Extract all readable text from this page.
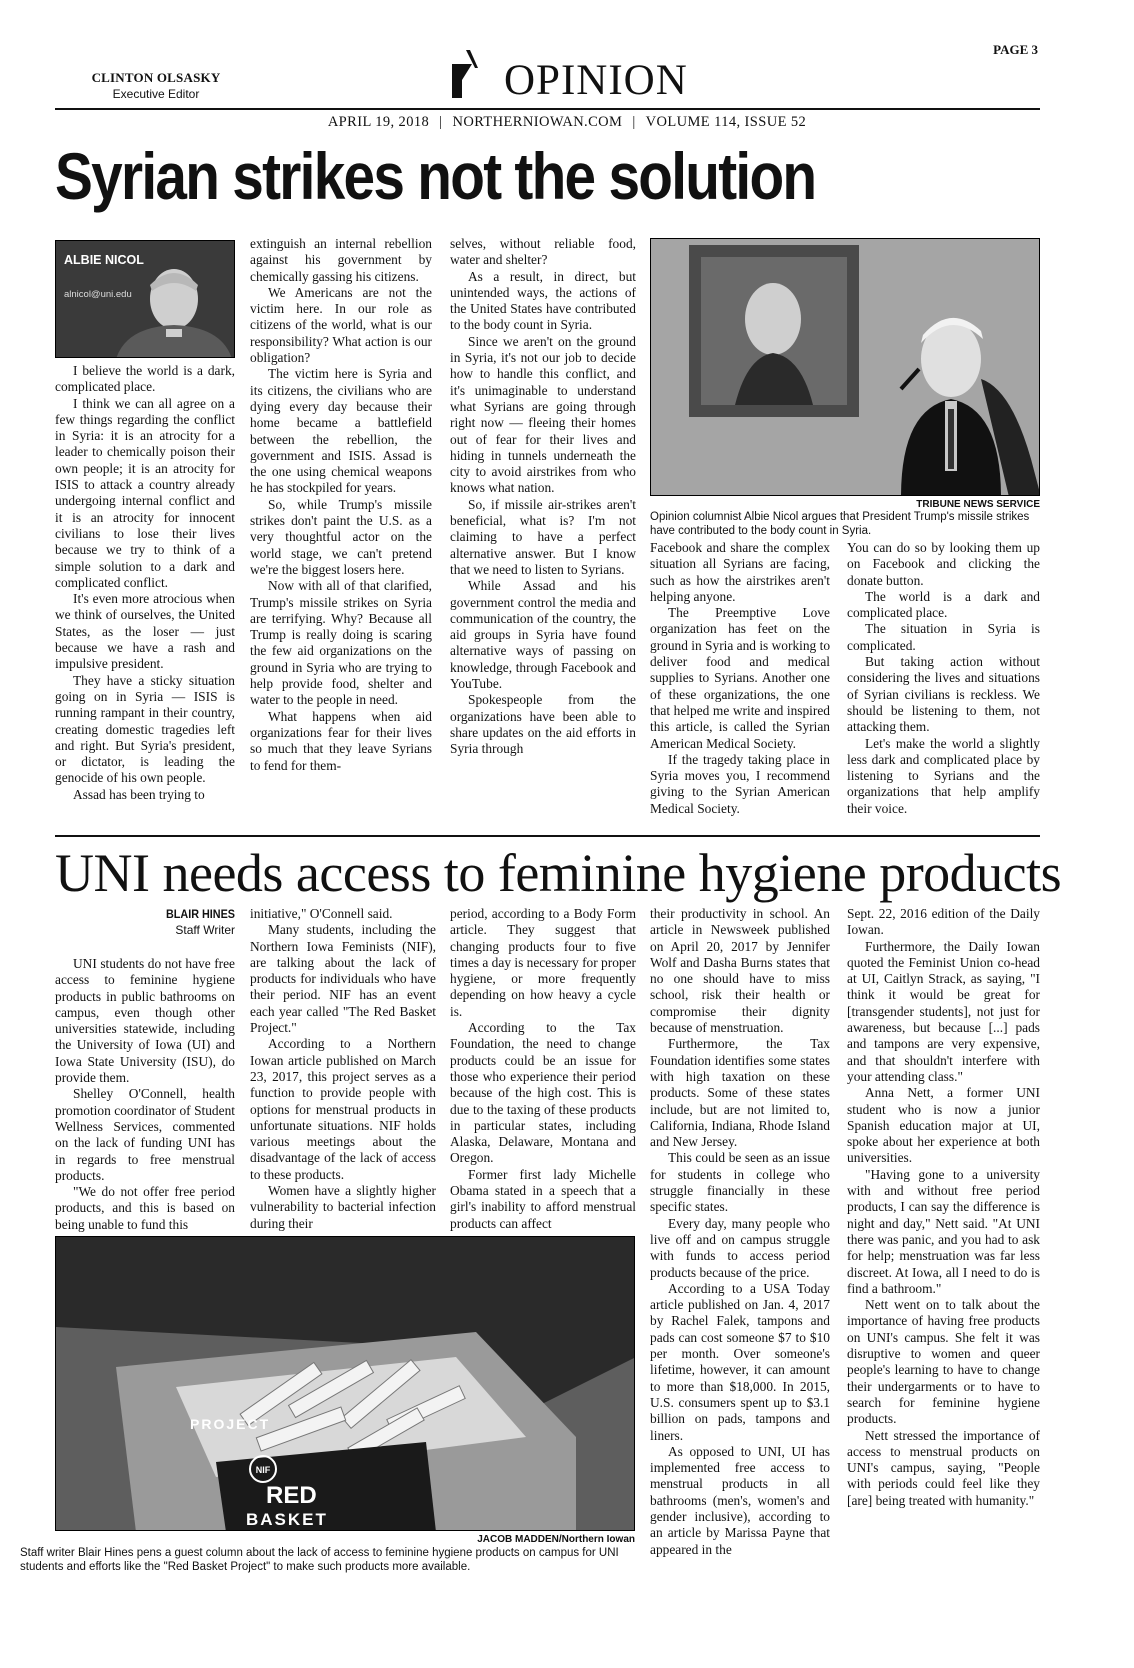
CLINTON OLSASKY
Executive Editor	OPINION
PAGE 3
APRIL 19, 2018 | NORTHERNIOWAN.COM | VOLUME 114, ISSUE 52
Syrian strikes not the solution
ALBIE NICOL
alnicol@uni.edu

I believe the world is a dark, complicated place.

I think we can all agree on a few things regarding the conflict in Syria: it is an atrocity for a leader to chemically poison their own people; it is an atrocity for ISIS to attack a country already undergoing internal conflict and it is an atrocity for innocent civilians to lose their lives because we try to think of a simple solution to a dark and complicated conflict.

It's even more atrocious when we think of ourselves, the United States, as the loser — just because we have a rash and impulsive president.

They have a sticky situation going on in Syria — ISIS is running rampant in their country, creating domestic tragedies left and right. But Syria's president, or dictator, is leading the genocide of his own people.

Assad has been trying to

extinguish an internal rebellion against his government by chemically gassing his citizens.

We Americans are not the victim here. In our role as citizens of the world, what is our responsibility? What action is our obligation?

The victim here is Syria and its citizens, the civilians who are dying every day because their home became a battlefield between the rebellion, the government and ISIS. Assad is the one using chemical weapons he has stockpiled for years.

So, while Trump's missile strikes don't paint the U.S. as a very thoughtful actor on the world stage, we can't pretend we're the biggest losers here.

Now with all of that clarified, Trump's missile strikes on Syria are terrifying. Why? Because all Trump is really doing is scaring the few aid organizations on the ground in Syria who are trying to help provide food, shelter and water to the people in need.

What happens when aid organizations fear for their lives so much that they leave Syrians to fend for them-

selves, without reliable food, water and shelter?

As a result, in direct, but unintended ways, the actions of the United States have contributed to the body count in Syria.

Since we aren't on the ground in Syria, it's not our job to decide how to handle this conflict, and it's unimaginable to understand what Syrians are going through right now — fleeing their homes out of fear for their lives and hiding in tunnels underneath the city to avoid airstrikes from who knows what nation.

So, if missile air-strikes aren't beneficial, what is? I'm not claiming to have a perfect alternative answer. But I know that we need to listen to Syrians.

While Assad and his government control the media and communication of the country, the aid groups in Syria have found alternative ways of passing on knowledge, through Facebook and YouTube.

Spokespeople from the organizations have been able to share updates on the aid efforts in Syria through

TRIBUNE NEWS SERVICE
Opinion columnist Albie Nicol argues that President Trump's missile strikes have contributed to the body count in Syria.

Facebook and share the complex situation all Syrians are facing, such as how the airstrikes aren't helping anyone.

The Preemptive Love organization has feet on the ground in Syria and is working to deliver food and medical supplies to Syrians. Another one of these organizations, the one that helped me write and inspired this article, is called the Syrian American Medical Society.

If the tragedy taking place in Syria moves you, I recommend giving to the Syrian American Medical Society.

You can do so by looking them up on Facebook and clicking the donate button.

The world is a dark and complicated place.

The situation in Syria is complicated.

But taking action without considering the lives and situations of Syrian civilians is reckless. We should be listening to them, not attacking them.

Let's make the world a slightly less dark and complicated place by listening to Syrians and the organizations that help amplify their voice.

UNI needs access to feminine hygiene products
BLAIR HINES
Staff Writer

UNI students do not have free access to feminine hygiene products in public bathrooms on campus, even though other universities statewide, including the University of Iowa (UI) and Iowa State University (ISU), do provide them.

Shelley O'Connell, health promotion coordinator of Student Wellness Services, commented on the lack of funding UNI has in regards to free menstrual products.

"We do not offer free period products, and this is based on being unable to fund this

initiative," O'Connell said.

Many students, including the Northern Iowa Feminists (NIF), are talking about the lack of products for individuals who have their period. NIF has an event each year called "The Red Basket Project."

According to a Northern Iowan article published on March 23, 2017, this project serves as a function to provide people with options for menstrual products in unfortunate situations. NIF holds various meetings about the disadvantage of the lack of access to these products.

Women have a slightly higher vulnerability to bacterial infection during their

period, according to a Body Form article. They suggest that changing products four to five times a day is necessary for proper hygiene, or more frequently depending on how heavy a cycle is.

According to the Tax Foundation, the need to change products could be an issue for those who experience their period because of the high cost. This is due to the taxing of these products in particular states, including Alaska, Delaware, Montana and Oregon.

Former first lady Michelle Obama stated in a speech that a girl's inability to afford menstrual products can affect

NIF
RED
BASKET
JACOB MADDEN/Northern Iowan
Staff writer Blair Hines pens a guest column about the lack of access to feminine hygiene products on campus for UNI students and efforts like the "Red Basket Project" to make such products more available.

their productivity in school. An article in Newsweek published on April 20, 2017 by Jennifer Wolf and Dasha Burns states that no one should have to miss school, risk their health or compromise their dignity because of menstruation.

Furthermore, the Tax Foundation identifies some states with high taxation on these products. Some of these states include, but are not limited to, California, Indiana, Rhode Island and New Jersey.

This could be seen as an issue for students in college who struggle financially in these specific states.

Every day, many people who live off and on campus struggle with funds to access period products because of the price.

According to a USA Today article published on Jan. 4, 2017 by Rachel Falek, tampons and pads can cost someone $7 to $10 per month. Over someone's lifetime, however, it can amount to more than $18,000. In 2015, U.S. consumers spent up to $3.1 billion on pads, tampons and liners.

As opposed to UNI, UI has implemented free access to menstrual products in all bathrooms (men's, women's and gender inclusive), according to an article by Marissa Payne that appeared in the

Sept. 22, 2016 edition of the Daily Iowan.

Furthermore, the Daily Iowan quoted the Feminist Union co-head at UI, Caitlyn Strack, as saying, "I think it would be great for [transgender students], not just for awareness, but because [...] pads and tampons are very expensive, and that shouldn't interfere with your attending class."

Anna Nett, a former UNI student who is now a junior Spanish education major at UI, spoke about her experience at both universities.

"Having gone to a university with and without free period products, I can say the difference is night and day," Nett said. "At UNI there was panic, and you had to ask for help; menstruation was far less discreet. At Iowa, all I need to do is find a bathroom."

Nett went on to talk about the importance of having free products on UNI's campus. She felt it was disruptive to women and queer people's learning to have to change their undergarments or to have to search for feminine hygiene products.

Nett stressed the importance of access to menstrual products on UNI's campus, saying, "People with periods could feel like they [are] being treated with humanity."

PROJECT
